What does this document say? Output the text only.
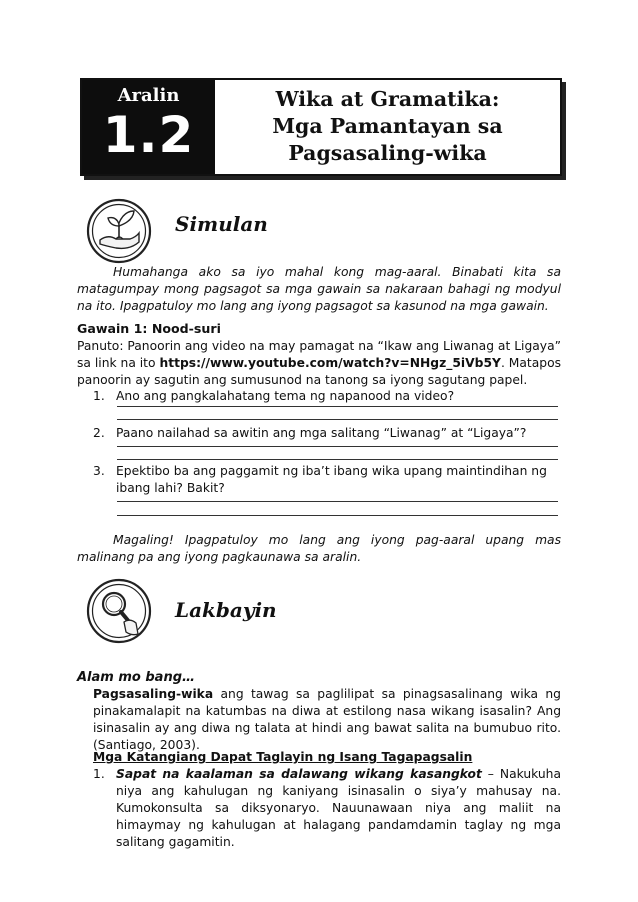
Aralin
1.2
Wika at Gramatika:
Mga Pamantayan sa
Pagsasaling-wika
Simulan
Humahanga ako sa iyo mahal kong mag-aaral. Binabati kita sa matagumpay mong pagsagot sa mga gawain sa nakaraan bahagi ng modyul na ito. Ipagpatuloy mo lang ang iyong pagsagot sa kasunod na mga gawain.
Gawain 1: Nood-suri
Panuto: Panoorin ang video na may pamagat na “Ikaw ang Liwanag at Ligaya” sa link na ito https://www.youtube.com/watch?v=NHgz_5iVb5Y. Matapos panoorin ay sagutin ang sumusunod na tanong sa iyong sagutang papel.
1. Ano ang pangkalahatang tema ng napanood na video?
2. Paano nailahad sa awitin ang mga salitang “Liwanag” at “Ligaya”?
3. Epektibo ba ang paggamit ng iba’t ibang wika upang maintindihan ng ibang lahi? Bakit?
Magaling! Ipagpatuloy mo lang ang iyong pag-aaral upang mas malinang pa ang iyong pagkaunawa sa aralin.
Lakbayin
Alam mo bang…
Pagsasaling-wika ang tawag sa paglilipat sa pinagsasalinang wika ng pinakamalapit na katumbas na diwa at estilong nasa wikang isasalin? Ang isinasalin ay ang diwa ng talata at hindi ang bawat salita na bumubuo rito. (Santiago, 2003).
Mga Katangiang Dapat Taglayin ng Isang Tagapagsalin
1. Sapat na kaalaman sa dalawang wikang kasangkot – Nakukuha niya ang kahulugan ng kaniyang isinasalin o siya’y mahusay na. Kumokonsulta sa diksyonaryo. Nauunawaan niya ang maliit na himaymay ng kahulugan at halagang pandamdamin taglay ng mga salitang gagamitin.
